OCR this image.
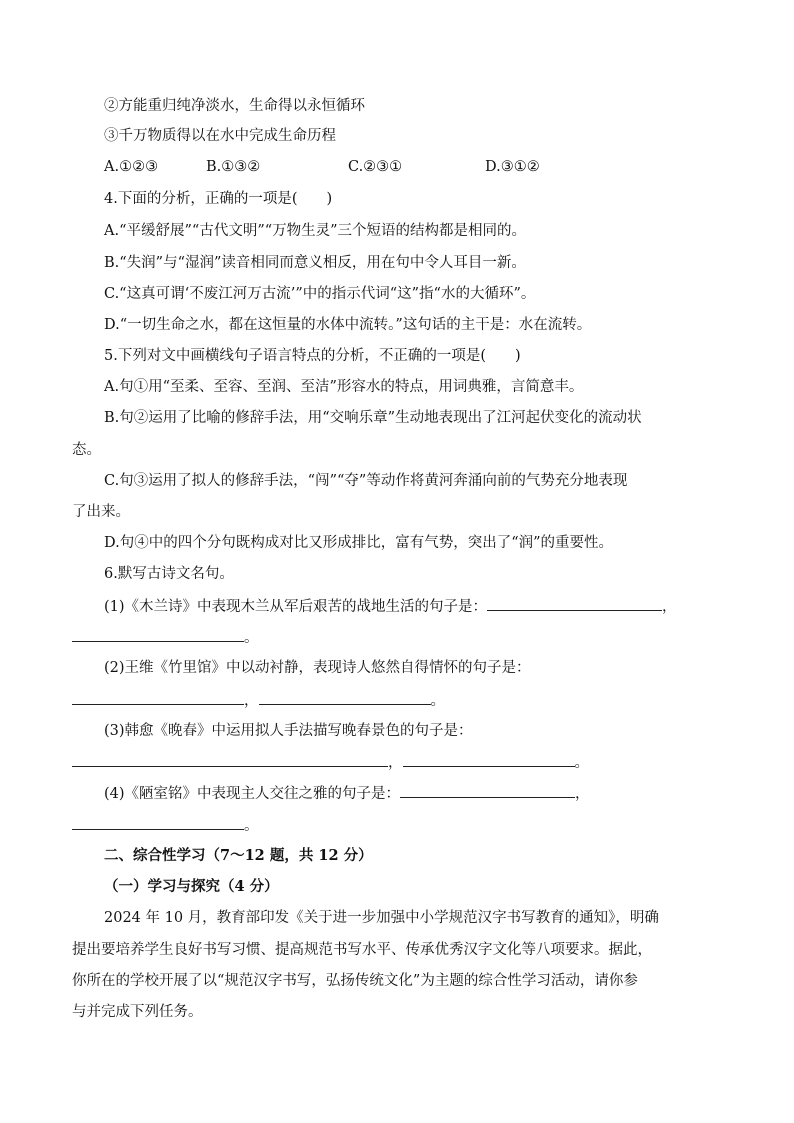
②方能重归纯净淡水，生命得以永恒循环
③千万物质得以在水中完成生命历程
A.①②③	B.①③②	C.②③①	D.③①②
4.下面的分析，正确的一项是(　　)
A.“平缓舒展”“古代文明”“万物生灵”三个短语的结构都是相同的。
B.“失润”与“湿润”读音相同而意义相反，用在句中令人耳目一新。
C.“这真可谓‘不废江河万古流’”中的指示代词“这”指“水的大循环”。
D.“一切生命之水，都在这恒量的水体中流转。”这句话的主干是：水在流转。
5.下列对文中画横线句子语言特点的分析，不正确的一项是(　　)
A.句①用“至柔、至容、至润、至洁”形容水的特点，用词典雅，言简意丰。
B.句②运用了比喻的修辞手法，用“交响乐章”生动地表现出了江河起伏变化的流动状
态。
C.句③运用了拟人的修辞手法，“闯”“夺”等动作将黄河奔涌向前的气势充分地表现
了出来。
D.句④中的四个分句既构成对比又形成排比，富有气势，突出了“润”的重要性。
6.默写古诗文名句。
(1)《木兰诗》中表现木兰从军后艰苦的战地生活的句子是：	，
。
(2)王维《竹里馆》中以动衬静，表现诗人悠然自得情怀的句子是：
，	。
(3)韩愈《晚春》中运用拟人手法描写晚春景色的句子是：
，	。
(4)《陋室铭》中表现主人交往之雅的句子是：	，
。
二、综合性学习（7～12 题，共 12 分）
（一）学习与探究（4 分）
2024 年 10 月，教育部印发《关于进一步加强中小学规范汉字书写教育的通知》，明确
提出要培养学生良好书写习惯、提高规范书写水平、传承优秀汉字文化等八项要求。据此，
你所在的学校开展了以“规范汉字书写，弘扬传统文化”为主题的综合性学习活动，请你参
与并完成下列任务。
